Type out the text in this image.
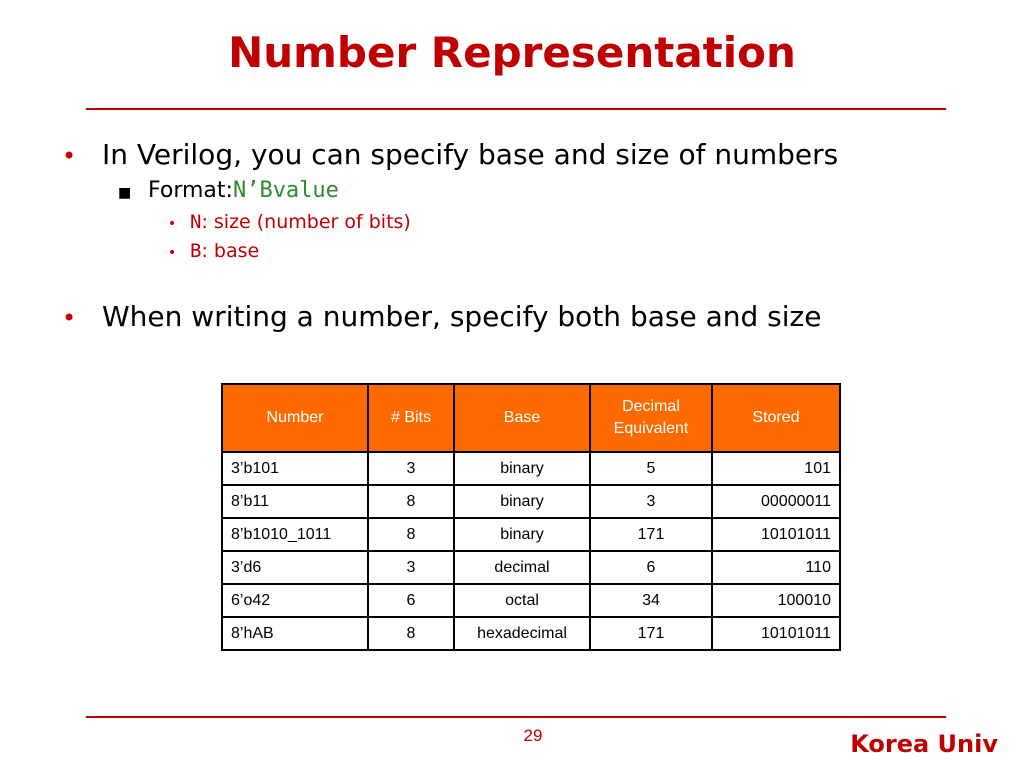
Number Representation
• In Verilog, you can specify base and size of numbers
■ Format: N’Bvalue
• N : size (number of bits)
• B : base
• When writing a number, specify both base and size
Number	# Bits	Base	Decimal Equivalent	Stored
3’b101	3	binary	5	101
8’b11	8	binary	3	00000011
8’b1010_1011	8	binary	171	10101011
3’d6	3	decimal	6	110
6’o42	6	octal	34	100010
8’hAB	8	hexadecimal	171	10101011
29	Korea Univ
